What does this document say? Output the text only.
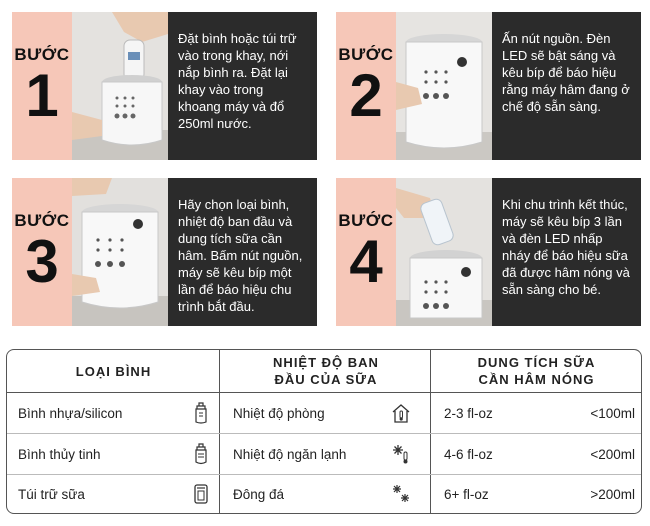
BƯỚC
1
Đặt bình hoặc túi trữ vào trong khay, nới nắp bình ra. Đặt lại khay vào trong khoang máy và đổ 250ml nước.
BƯỚC
2
Ấn nút nguồn. Đèn LED sẽ bật sáng và kêu bíp để báo hiệu rằng máy hâm đang ở chế độ sẵn sàng.
BƯỚC
3
Hãy chọn loại bình, nhiệt độ ban đầu và dung tích sữa cần hâm. Bấm nút nguồn, máy sẽ kêu bíp một lần để báo hiệu chu trình bắt đầu.
BƯỚC
4
Khi chu trình kết thúc, máy sẽ kêu bíp 3 lần và đèn LED nhấp nháy để báo hiệu sữa đã được hâm nóng và sẵn sàng cho bé.
LOẠI BÌNH
NHIỆT ĐỘ BAN ĐẦU CỦA SỮA
DUNG TÍCH SỮA CẦN HÂM NÓNG
Bình nhựa/silicon	Nhiệt độ phòng	2-3 fl-oz	<100ml
Bình thủy tinh	Nhiệt độ ngăn lạnh	4-6 fl-oz	<200ml
Túi trữ sữa	Đông đá	6+ fl-oz	>200ml
